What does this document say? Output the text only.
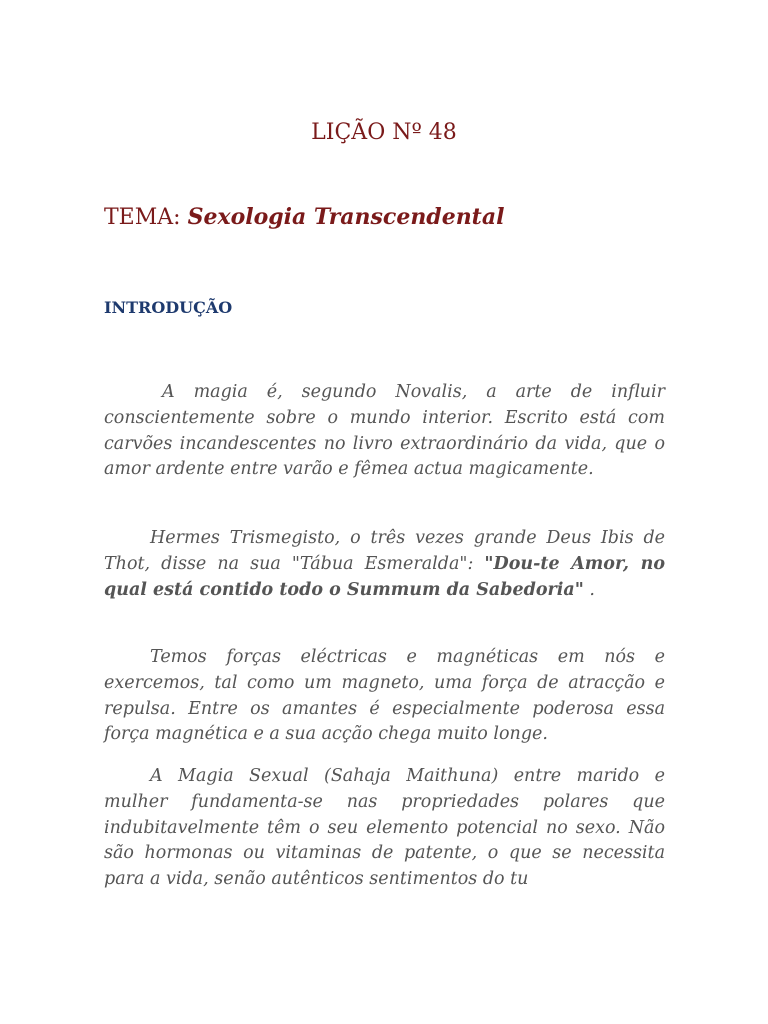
LIÇÃO Nº 48
TEMA: Sexologia Transcendental
INTRODUÇÃO

A magia é, segundo Novalis, a arte de influir conscientemente sobre o mundo interior. Escrito está com carvões incandescentes no livro extraordinário da vida, que o amor ardente entre varão e fêmea actua magicamente.

Hermes Trismegisto, o três vezes grande Deus Ibis de Thot, disse na sua "Tábua Esmeralda": "Dou-te Amor, no qual está contido todo o Summum da Sabedoria" .

Temos forças eléctricas e magnéticas em nós e exercemos, tal como um magneto, uma força de atracção e repulsa. Entre os amantes é especialmente poderosa essa força magnética e a sua acção chega muito longe.

A Magia Sexual (Sahaja Maithuna) entre marido e mulher fundamenta-se nas propriedades polares que indubitavelmente têm o seu elemento potencial no sexo. Não são hormonas ou vitaminas de patente, o que se necessita para a vida, senão autênticos sentimentos do tu
